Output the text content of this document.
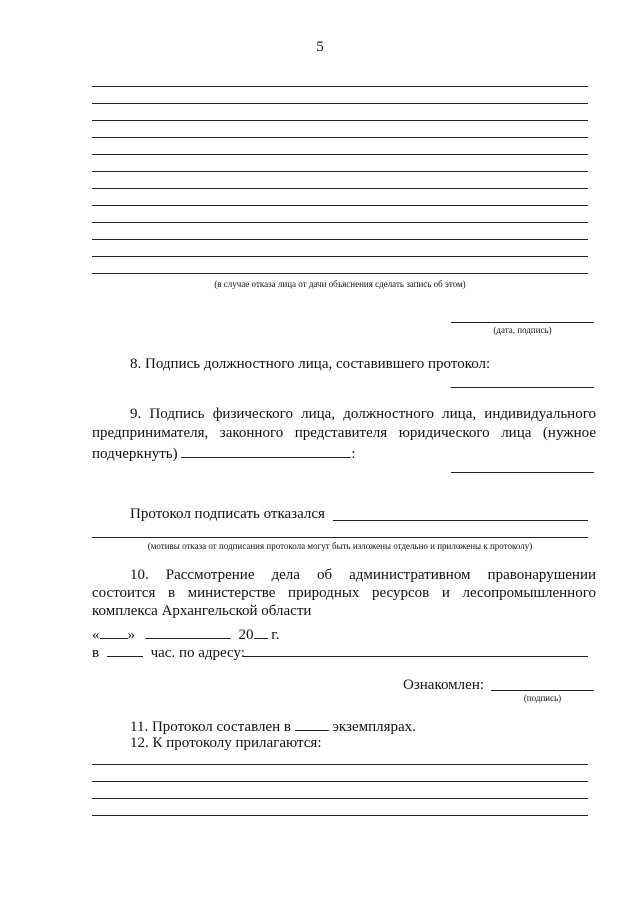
5
(в случае отказа лица от дачи объяснения сделать запись об этом)
(дата, подпись)
8. Подпись должностного лица, составившего протокол:
9. Подпись физического лица, должностного лица, индивидуального
предпринимателя, законного представителя юридического лица (нужное
подчеркнуть)	:
Протокол подписать отказался
(мотивы отказа от подписания протокола могут быть изложены отдельно и приложены к протоколу)
10. Рассмотрение дела об административном правонарушении
состоится в министерстве природных ресурсов и лесопромышленного
комплекса Архангельской области
« »	20 г.
в	час. по адресу:
Ознакомлен:
(подпись)
11. Протокол составлен в	экземплярах.
12. К протоколу прилагаются:
